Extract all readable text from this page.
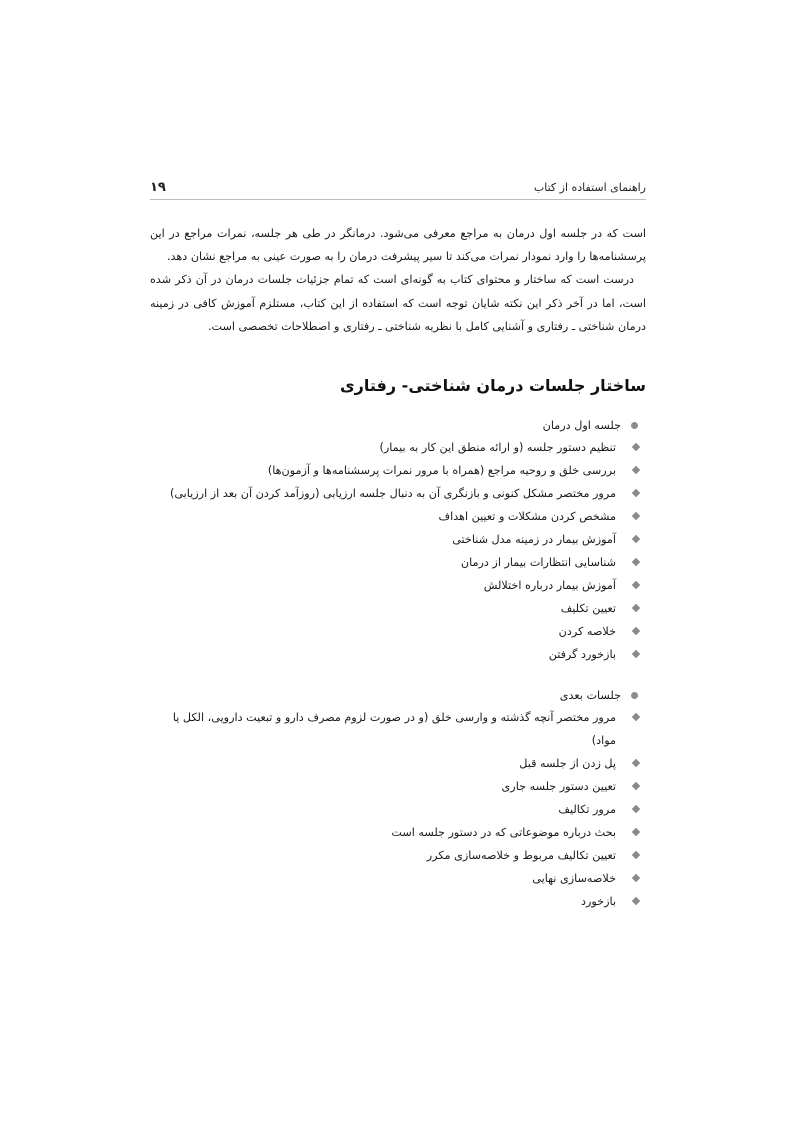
راهنمای استفاده از کتاب
۱۹

است که در جلسه اول درمان به مراجع معرفی می‌شود. درمانگر در طی هر جلسه، نمرات مراجع در این پرسشنامه‌ها را وارد نمودار نمرات می‌کند تا سیر پیشرفت درمان را به صورت عینی به مراجع نشان دهد.

درست است که ساختار و محتوای کتاب به گونه‌ای است که تمام جزئیات جلسات درمان در آن ذکر شده است، اما در آخر ذکر این نکته شایان توجه است که استفاده از این کتاب، مستلزم آموزش کافی در زمینه درمان شناختی ـ رفتاری و آشنایی کامل با نظریه شناختی ـ رفتاری و اصطلاحات تخصصی است.

ساختار جلسات درمان شناختی- رفتاری
جلسه اول درمان
تنظیم دستور جلسه (و ارائه منطق این کار به بیمار)
بررسی خلق و روحیه مراجع (همراه با مرور نمرات پرسشنامه‌ها و آزمون‌ها)
مرور مختصر مشکل کنونی و بازنگری آن به دنبال جلسه ارزیابی (روزآمد کردن آن بعد از ارزیابی)
مشخص کردن مشکلات و تعیین اهداف
آموزش بیمار در زمینه مدل شناختی
شناسایی انتظارات بیمار از درمان
آموزش بیمار درباره اختلالش
تعیین تکلیف
خلاصه کردن
بازخورد گرفتن
جلسات بعدی
مرور مختصر آنچه گذشته و وارسی خلق (و در صورت لزوم مصرف دارو و تبعیت دارویی، الکل یا مواد)
پل زدن از جلسه قبل
تعیین دستور جلسه جاری
مرور تکالیف
بحث درباره موضوعاتی که در دستور جلسه است
تعیین تکالیف مربوط و خلاصه‌سازی مکرر
خلاصه‌سازی نهایی
بازخورد
